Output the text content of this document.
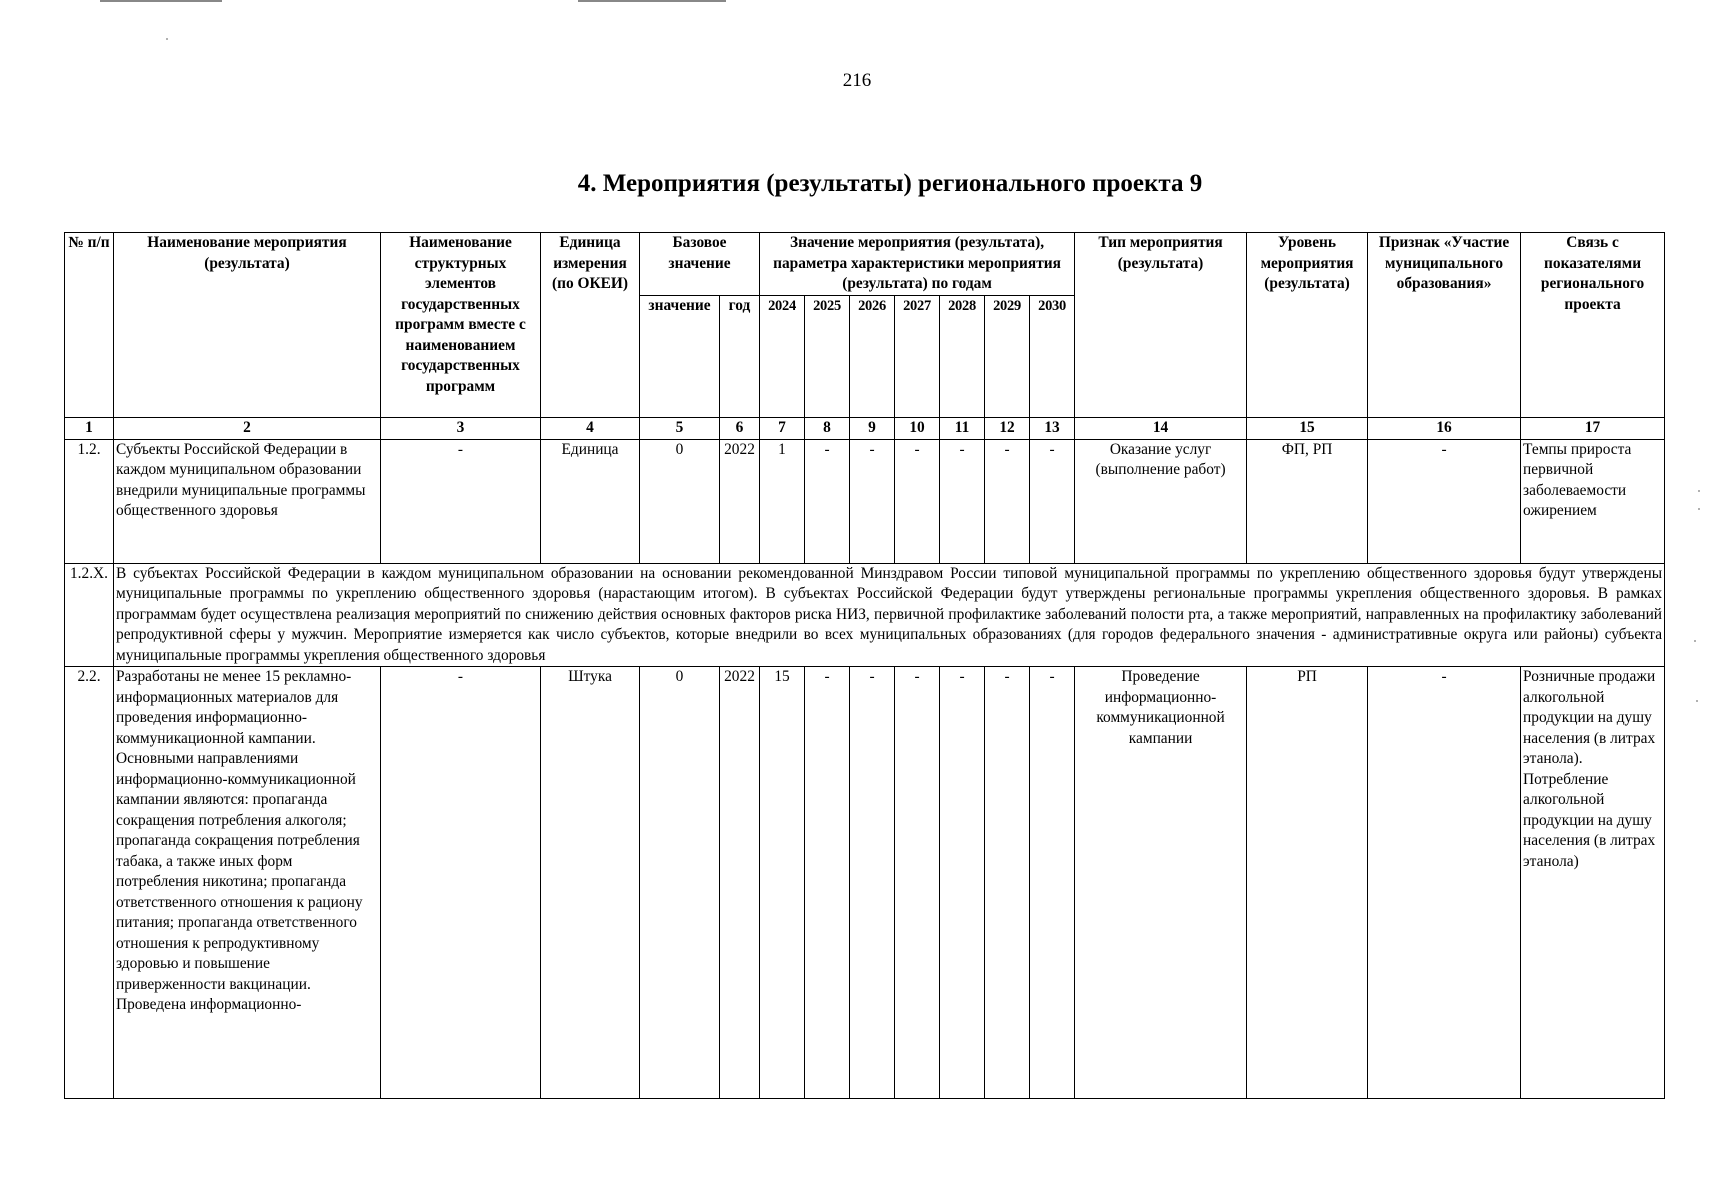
216
4. Мероприятия (результаты) регионального проекта 9
№ п/п	Наименование мероприятия (результата)	Наименование структурных элементов государственных программ вместе с наименованием государственных программ	Единица измерения (по ОКЕИ)	Базовое значение		Значение мероприятия (результата), параметра характеристики мероприятия (результата) по годам							Тип мероприятия (результата)	Уровень мероприятия (результата)	Признак «Участие муниципального образования»	Связь с показателями регионального проекта
				значение	год	2024	2025	2026	2027	2028	2029	2030				
1	2	3	4	5	6	7	8	9	10	11	12	13	14	15	16	17
1.2.	Субъекты Российской Федерации в каждом муниципальном образовании внедрили муниципальные программы общественного здоровья	-	Единица	0	2022	1	-	-	-	-	-	-	Оказание услуг (выполнение работ)	ФП, РП	-	Темпы прироста первичной заболеваемости ожирением
1.2.X.	В субъектах Российской Федерации в каждом муниципальном образовании на основании рекомендованной Минздравом России типовой муниципальной программы по укреплению общественного здоровья будут утверждены муниципальные программы по укреплению общественного здоровья (нарастающим итогом). В субъектах Российской Федерации будут утверждены региональные программы укрепления общественного здоровья. В рамках программам будет осуществлена реализация мероприятий по снижению действия основных факторов риска НИЗ, первичной профилактике заболеваний полости рта, а также мероприятий, направленных на профилактику заболеваний репродуктивной сферы у мужчин. Мероприятие измеряется как число субъектов, которые внедрили во всех муниципальных образованиях (для городов федерального значения - административные округа или районы) субъекта муниципальные программы укрепления общественного здоровья															
2.2.	Разработаны не менее 15 рекламно-информационных материалов для проведения информационно-коммуникационной кампании. Основными направлениями информационно-коммуникационной кампании являются: пропаганда сокращения потребления алкоголя; пропаганда сокращения потребления табака, а также иных форм потребления никотина; пропаганда ответственного отношения к рациону питания; пропаганда ответственного отношения к репродуктивному здоровью и повышение приверженности вакцинации. Проведена информационно-	-	Штука	0	2022	15	-	-	-	-	-	-	Проведение информационно-коммуникационной кампании	РП	-	Розничные продажи алкогольной продукции на душу населения (в литрах этанола). Потребление алкогольной продукции на душу населения (в литрах этанола)
